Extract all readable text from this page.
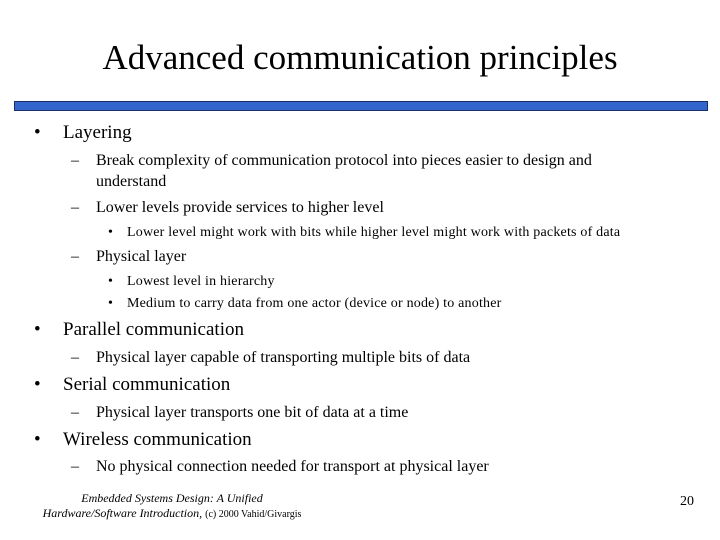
Advanced communication principles
• Layering
– Break complexity of communication protocol into pieces easier to design and
understand
– Lower levels provide services to higher level
• Lower level might work with bits while higher level might work with packets of data
– Physical layer
• Lowest level in hierarchy
• Medium to carry data from one actor (device or node) to another
• Parallel communication
– Physical layer capable of transporting multiple bits of data
• Serial communication
– Physical layer transports one bit of data at a time
• Wireless communication
– No physical connection needed for transport at physical layer
Embedded Systems Design: A Unified
Hardware/Software Introduction, (c) 2000 Vahid/Givargis
20
